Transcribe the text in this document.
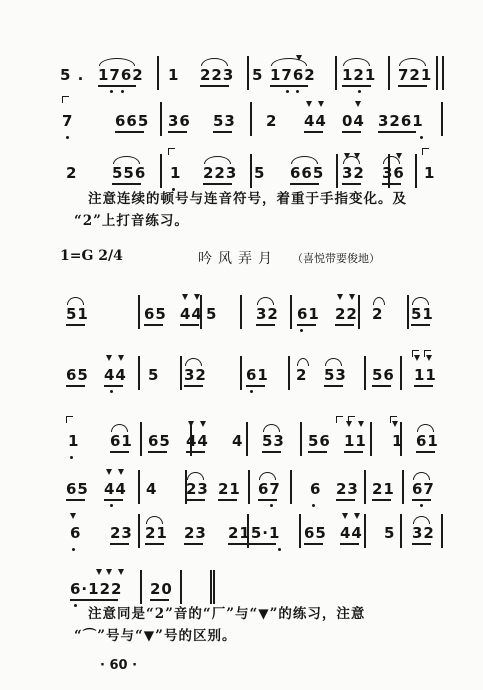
5 . 1762 1 223 5 1762 121 721
7	665 36 53 2 44 04 3261
2 556 1 223 5 665 32 36 1
51	65 44 5	32 61 22 2 51
65 44 5 32	61 2 53 56 11
1 61 65 44 4 53 56 11 1 61
65 44 4 23 21 67 6 23 21 67
6 23 21 23 215·1 65 44 5 32
6·122 20
注意连续的顿号与连音符号，着重于手指变化。及
“2”上打音练习。
1=G 2/4	吟风弄月 （喜悦带要俊地）
注意同是“2”音的“厂”与“▼”的练习，注意
“⌒”号与“▼”号的区别。
· 60 ·
